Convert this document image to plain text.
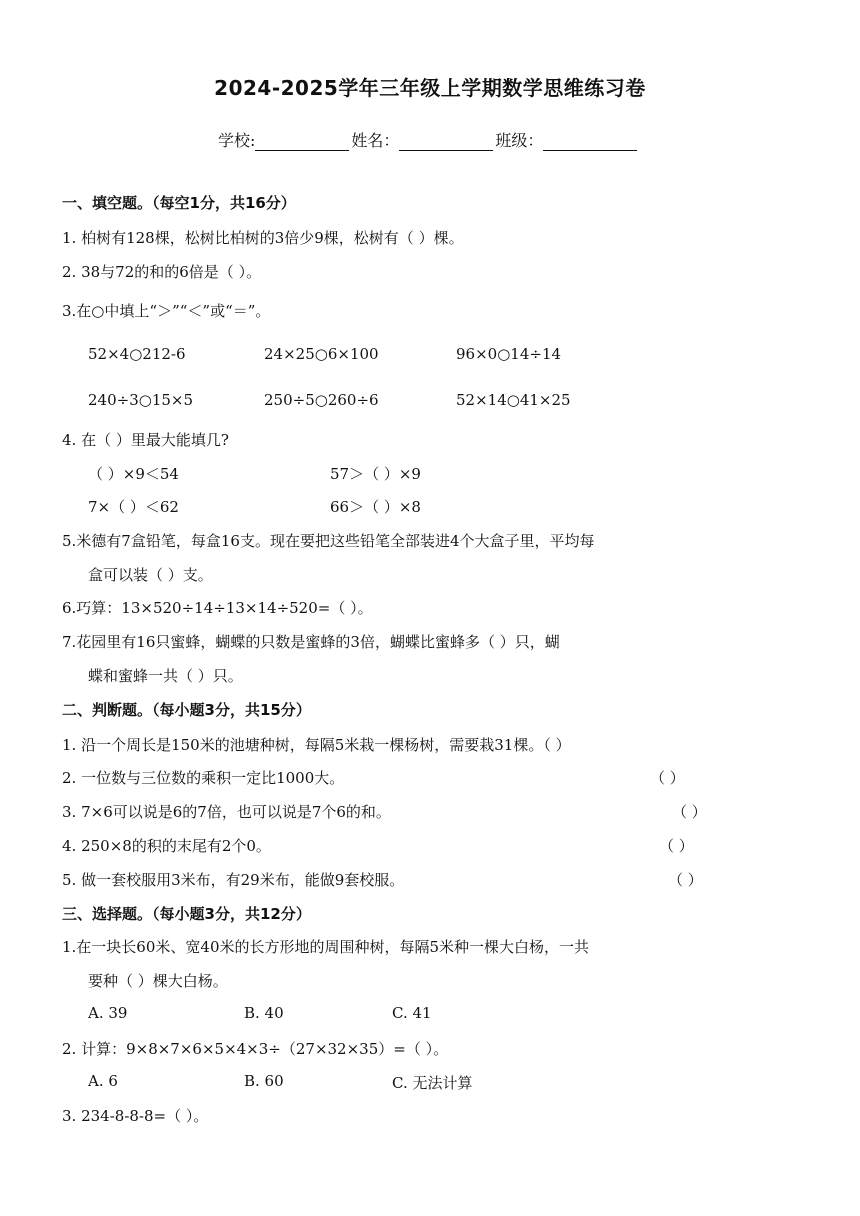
2024-2025学年三年级上学期数学思维练习卷
学校:	姓名：	班级：
一、填空题。（每空1分，共16分）
1. 柏树有128棵，松树比柏树的3倍少9棵，松树有（ ）棵。
2. 38与72的和的6倍是（ ）。
3.在○中填上“＞”“＜”或“＝”。
52×4○212-6	24×25○6×100	96×0○14÷14
240÷3○15×5	250÷5○260÷6	52×14○41×25
4. 在（ ）里最大能填几?
（ ）×9＜54	57＞（ ）×9
7×（ ）＜62	66＞（ ）×8
5.米德有7盒铅笔，每盒16支。现在要把这些铅笔全部装进4个大盒子里，平均每
盒可以装（ ）支。
6.巧算：13×520÷14÷13×14÷520=（ ）。
7.花园里有16只蜜蜂，蝴蝶的只数是蜜蜂的3倍，蝴蝶比蜜蜂多（ ）只，蝴
蝶和蜜蜂一共（ ）只。
二、判断题。（每小题3分，共15分）
1. 沿一个周长是150米的池塘种树，每隔5米栽一棵杨树，需要栽31棵。（ ）
2. 一位数与三位数的乘积一定比1000大。	（ ）
3. 7×6可以说是6的7倍，也可以说是7个6的和。	（ ）
4. 250×8的积的末尾有2个0。	（ ）
5. 做一套校服用3米布，有29米布，能做9套校服。	（ ）
三、选择题。（每小题3分，共12分）
1.在一块长60米、宽40米的长方形地的周围种树，每隔5米种一棵大白杨，一共
要种（ ）棵大白杨。
A. 39	B. 40	C. 41
2. 计算：9×8×7×6×5×4×3÷（27×32×35）=（ ）。
A. 6	B. 60	C. 无法计算
3. 234-8-8-8=（ ）。
